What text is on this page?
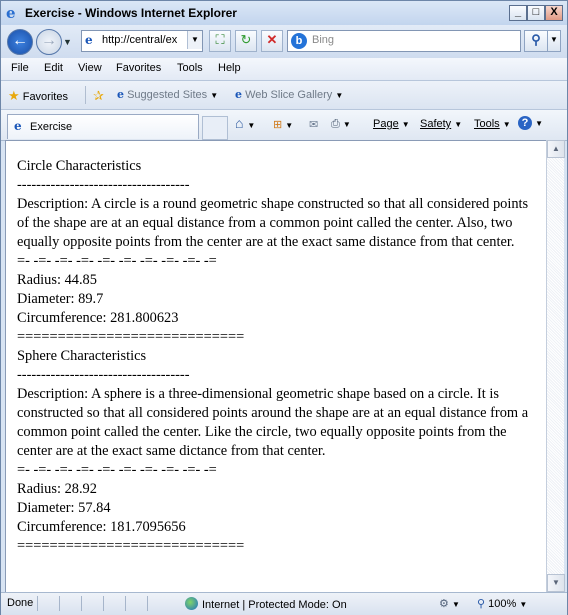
e Exercise - Windows Internet Explorer	_	□	X
← → ▼ e http://central/ex	▼	⛶	↻	✕	b Bing	⚲	▼
File Edit View Favorites Tools Help
★ Favorites ✰ e Suggested Sites ▼ e Web Slice Gallery ▼
e Exercise	⌂ ▼ ⊞ ▼ ✉ ⎙ ▼ Page ▼ Safety ▼ Tools ▼ ? ▼
Circle Characteristics
------------------------------------
Description: A circle is a round geometric shape constructed so that all considered points of the shape are at an equal distance from a common point called the center. Also, two equally opposite points from the center are at the exact same distance from that center.
=- -=- -=- -=- -=- -=- -=- -=- -=- -=
Radius: 44.85
Diameter: 89.7
Circumference: 281.800623
============================
Sphere Characteristics
------------------------------------
Description: A sphere is a three-dimensional geometric shape based on a circle. It is constructed so that all considered points around the shape are at an equal distance from a common point called the center. Like the circle, two equally opposite points from the center are at the exact same dictance from that center.
=- -=- -=- -=- -=- -=- -=- -=- -=- -=
Radius: 28.92
Diameter: 57.84
Circumference: 181.7095656
============================
▲
▼
Done	Internet | Protected Mode: On	⚙ ▼ ⚲ 100% ▼
